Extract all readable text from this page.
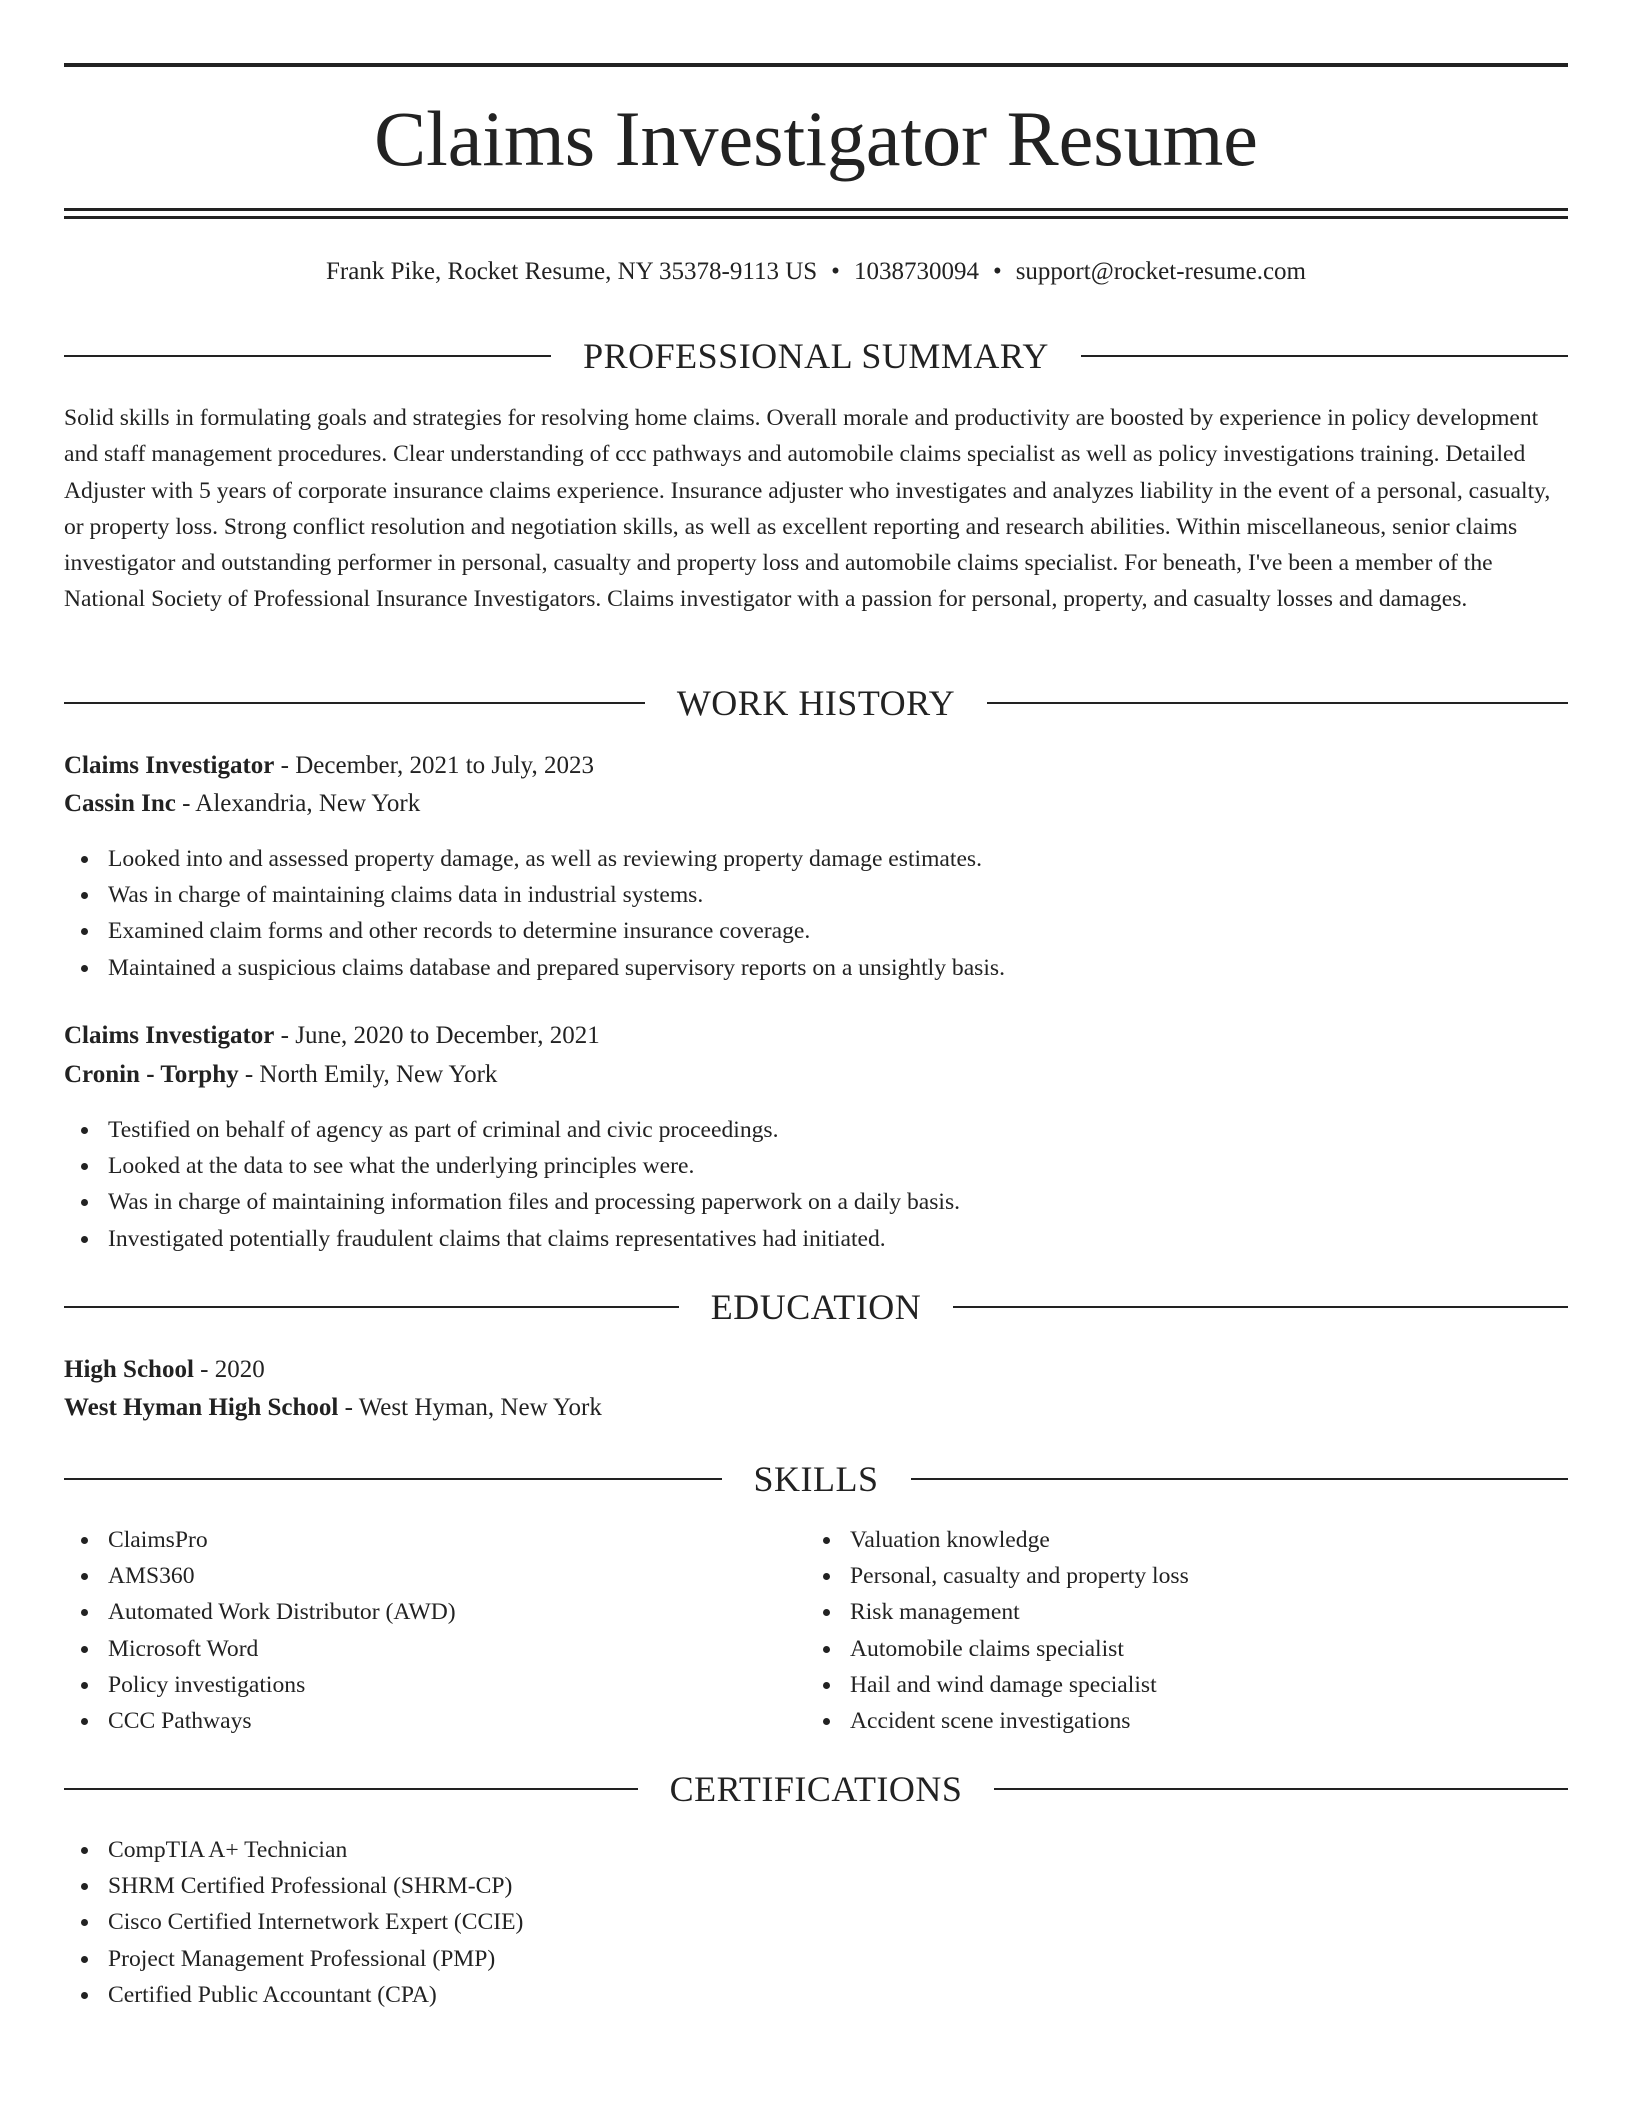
Claims Investigator Resume
Frank Pike, Rocket Resume, NY 35378-9113 US • 1038730094 • support@rocket-resume.com
PROFESSIONAL SUMMARY

Solid skills in formulating goals and strategies for resolving home claims. Overall morale and productivity are boosted by experience in policy development and staff management procedures. Clear understanding of ccc pathways and automobile claims specialist as well as policy investigations training. Detailed Adjuster with 5 years of corporate insurance claims experience. Insurance adjuster who investigates and analyzes liability in the event of a personal, casualty, or property loss. Strong conflict resolution and negotiation skills, as well as excellent reporting and research abilities. Within miscellaneous, senior claims investigator and outstanding performer in personal, casualty and property loss and automobile claims specialist. For beneath, I've been a member of the National Society of Professional Insurance Investigators. Claims investigator with a passion for personal, property, and casualty losses and damages.

WORK HISTORY
Claims Investigator - December, 2021 to July, 2023
Cassin Inc - Alexandria, New York
Looked into and assessed property damage, as well as reviewing property damage estimates.
Was in charge of maintaining claims data in industrial systems.
Examined claim forms and other records to determine insurance coverage.
Maintained a suspicious claims database and prepared supervisory reports on a unsightly basis.
Claims Investigator - June, 2020 to December, 2021
Cronin - Torphy - North Emily, New York
Testified on behalf of agency as part of criminal and civic proceedings.
Looked at the data to see what the underlying principles were.
Was in charge of maintaining information files and processing paperwork on a daily basis.
Investigated potentially fraudulent claims that claims representatives had initiated.
EDUCATION
High School - 2020
West Hyman High School - West Hyman, New York
SKILLS
ClaimsPro
AMS360
Automated Work Distributor (AWD)
Microsoft Word
Policy investigations
CCC Pathways
Valuation knowledge
Personal, casualty and property loss
Risk management
Automobile claims specialist
Hail and wind damage specialist
Accident scene investigations
CERTIFICATIONS
CompTIA A+ Technician
SHRM Certified Professional (SHRM-CP)
Cisco Certified Internetwork Expert (CCIE)
Project Management Professional (PMP)
Certified Public Accountant (CPA)
